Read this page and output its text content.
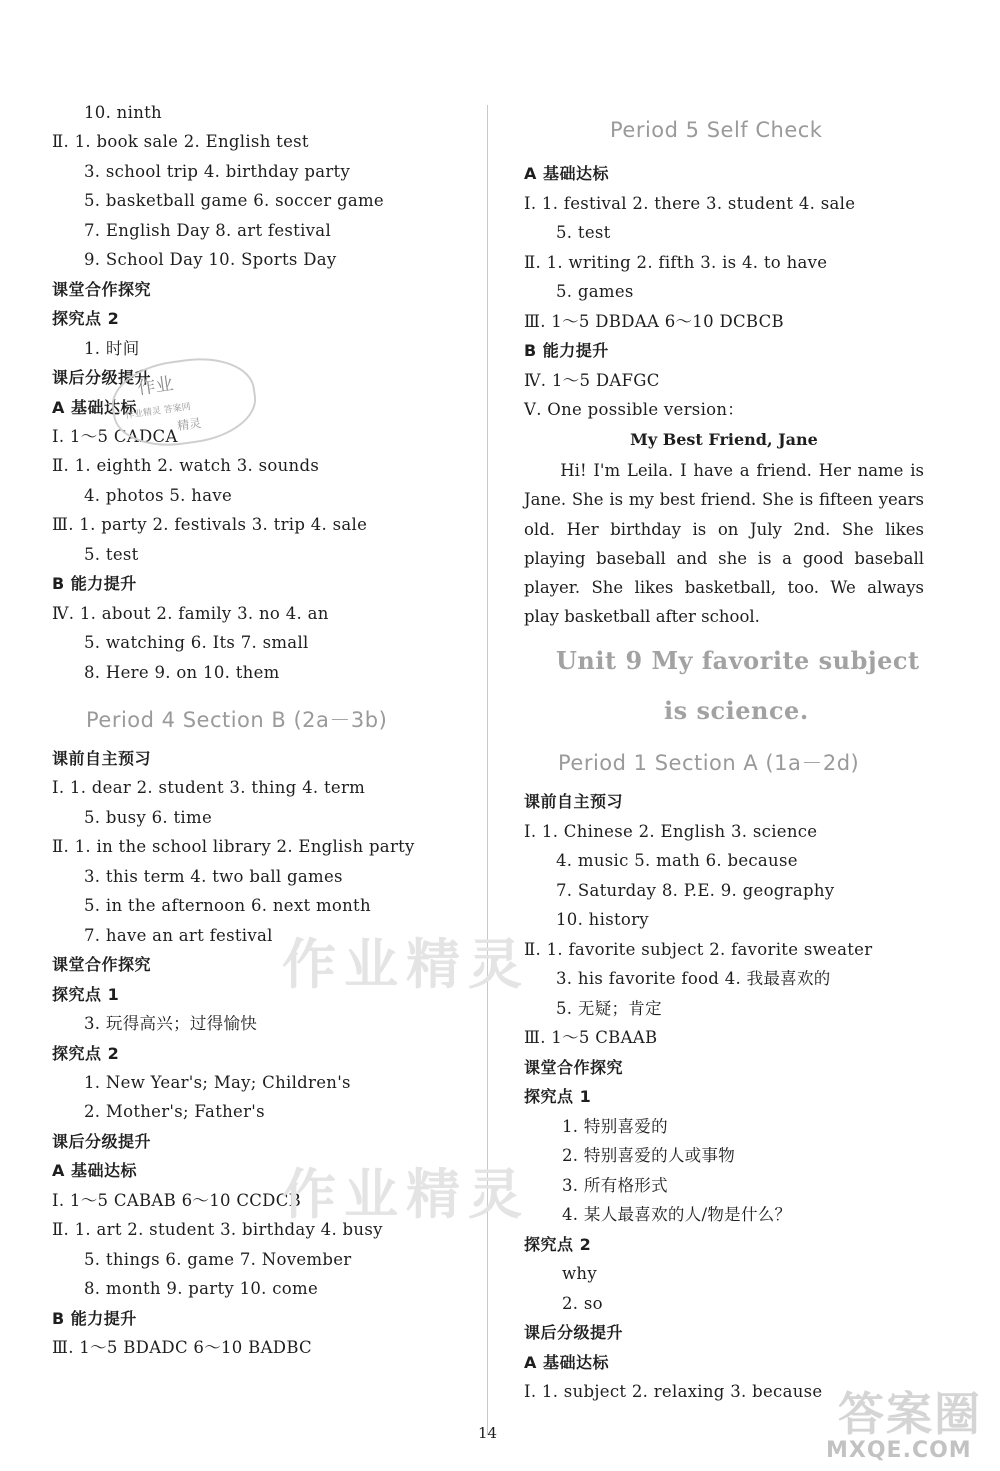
10. ninth
Ⅱ. 1. book sale 2. English test
3. school trip 4. birthday party
5. basketball game 6. soccer game
7. English Day 8. art festival
9. School Day 10. Sports Day
课堂合作探究
探究点 2
1. 时间
课后分级提升
A 基础达标
Ⅰ. 1～5 CADCA
Ⅱ. 1. eighth 2. watch 3. sounds
4. photos 5. have
Ⅲ. 1. party 2. festivals 3. trip 4. sale
5. test
B 能力提升
Ⅳ. 1. about 2. family 3. no 4. an
5. watching 6. Its 7. small
8. Here 9. on 10. them
Period 4 Section B (2a－3b)
课前自主预习
Ⅰ. 1. dear 2. student 3. thing 4. term
5. busy 6. time
Ⅱ. 1. in the school library 2. English party
3. this term 4. two ball games
5. in the afternoon 6. next month
7. have an art festival
课堂合作探究
探究点 1
3. 玩得高兴；过得愉快
探究点 2
1. New Year's; May; Children's
2. Mother's; Father's
课后分级提升
A 基础达标
Ⅰ. 1～5 CABAB 6～10 CCDCB
Ⅱ. 1. art 2. student 3. birthday 4. busy
5. things 6. game 7. November
8. month 9. party 10. come
B 能力提升
Ⅲ. 1～5 BDADC 6～10 BADBC
Period 5 Self Check
A 基础达标
Ⅰ. 1. festival 2. there 3. student 4. sale
5. test
Ⅱ. 1. writing 2. fifth 3. is 4. to have
5. games
Ⅲ. 1～5 DBDAA 6～10 DCBCB
B 能力提升
Ⅳ. 1～5 DAFGC
Ⅴ. One possible version：
My Best Friend, Jane
Hi! I'm Leila. I have a friend. Her name is Jane. She is my best friend. She is fifteen years old. Her birthday is on July 2nd. She likes playing baseball and she is a good baseball player. She likes basketball, too. We always play basketball after school.
Unit 9 My favorite subject
is science.
Period 1 Section A (1a－2d)
课前自主预习
Ⅰ. 1. Chinese 2. English 3. science
4. music 5. math 6. because
7. Saturday 8. P.E. 9. geography
10. history
Ⅱ. 1. favorite subject 2. favorite sweater
3. his favorite food 4. 我最喜欢的
5. 无疑；肯定
Ⅲ. 1～5 CBAAB
课堂合作探究
探究点 1
1. 特别喜爱的
2. 特别喜爱的人或事物
3. 所有格形式
4. 某人最喜欢的人/物是什么？
探究点 2
why
2. so
课后分级提升
A 基础达标
Ⅰ. 1. subject 2. relaxing 3. because
作业精灵
作业精灵
作业
作业精灵 答案网
精灵
14	答案圈
MXQE.COM
